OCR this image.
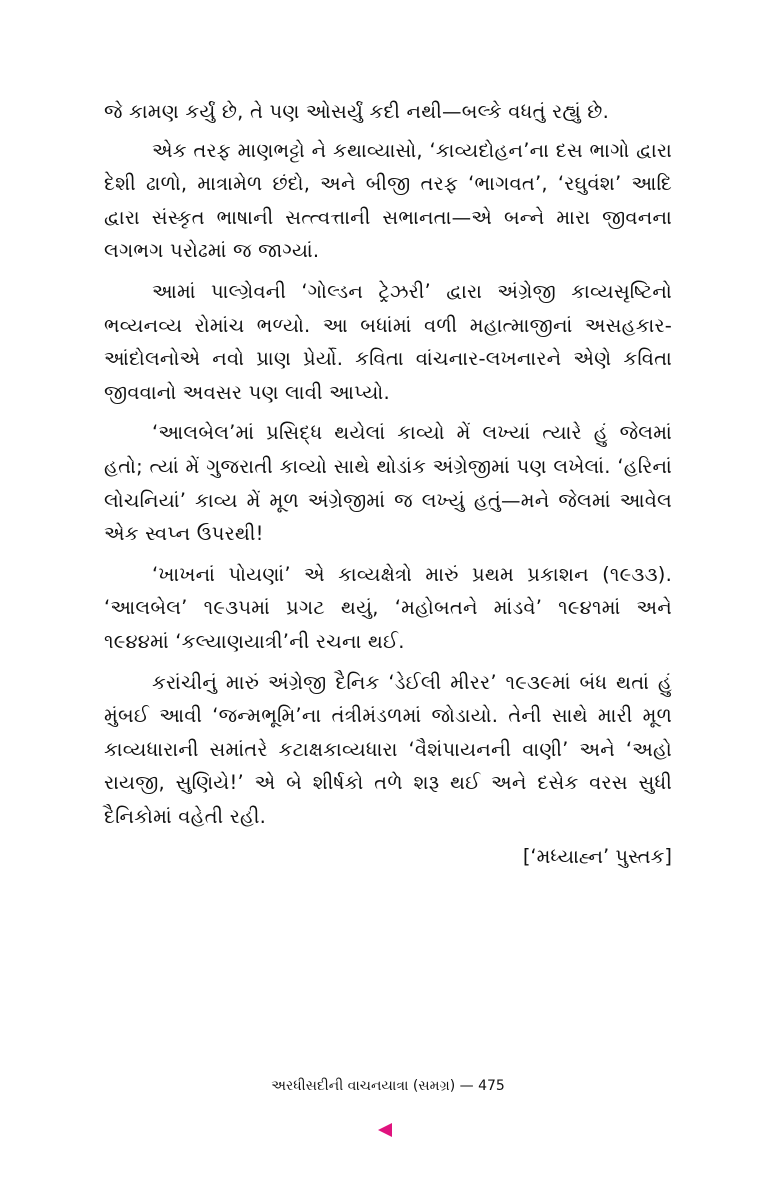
જે કામણ કર્યું છે, તે પણ ઓસર્યું કદી નથી—બલ્કે વધતું રહ્યું છે.

એક તરફ માણભટ્ટો ને કથાવ્યાસો, ‘કાવ્યદોહન’ના દસ ભાગો દ્વારા દેશી ઢાળો, માત્રામેળ છંદો, અને બીજી તરફ ‘ભાગવત’, ‘રઘુવંશ’ આદિ દ્વારા સંસ્કૃત ભાષાની સત્ત્વત્તાની સભાનતા—એ બન્ને મારા જીવનના લગભગ પરોઢમાં જ જાગ્યાં.

આમાં પાલ્ગ્રેવની ‘ગોલ્ડન ટ્રેઝરી’ દ્વારા અંગ્રેજી કાવ્યસૃષ્ટિનો ભવ્યનવ્ય રોમાંચ ભળ્યો. આ બધાંમાં વળી મહાત્માજીનાં અસહકાર-આંદોલનોએ નવો પ્રાણ પ્રેર્યો. કવિતા વાંચનાર-લખનારને એણે કવિતા જીવવાનો અવસર પણ લાવી આપ્યો.

‘આલબેલ’માં પ્રસિદ્ધ થયેલાં કાવ્યો મેં લખ્યાં ત્યારે હું જેલમાં હતો; ત્યાં મેં ગુજરાતી કાવ્યો સાથે થોડાંક અંગ્રેજીમાં પણ લખેલાં. ‘હરિનાં લોચનિયાં’ કાવ્ય મેં મૂળ અંગ્રેજીમાં જ લખ્યું હતું—મને જેલમાં આવેલ એક સ્વપ્ન ઉપરથી!

‘ખાખનાં પોયણાં’ એ કાવ્યક્ષેત્રો મારું પ્રથમ પ્રકાશન (૧૯૩૩). ‘આલબેલ’ ૧૯૩૫માં પ્રગટ થયું, ‘મહોબતને માંડવે’ ૧૯૪૧માં અને ૧૯૪૪માં ‘કલ્યાણયાત્રી’ની રચના થઈ.

કરાંચીનું મારું અંગ્રેજી દૈનિક ‘ડેઈલી મીરર’ ૧૯૩૯માં બંધ થતાં હું મુંબઈ આવી ‘જન્મભૂમિ’ના તંત્રીમંડળમાં જોડાયો. તેની સાથે મારી મૂળ કાવ્યધારાની સમાંતરે કટાક્ષકાવ્યધારા ‘વૈશંપાયનની વાણી’ અને ‘અહો રાયજી, સુણિયે!’ એ બે શીર્ષકો તળે શરૂ થઈ અને દસેક વરસ સુધી દૈનિકોમાં વહેતી રહી.

[‘મધ્યાહ્ન’ પુસ્તક]
અરધીસદીની વાચનયાત્રા (સમગ્ર) — 475
